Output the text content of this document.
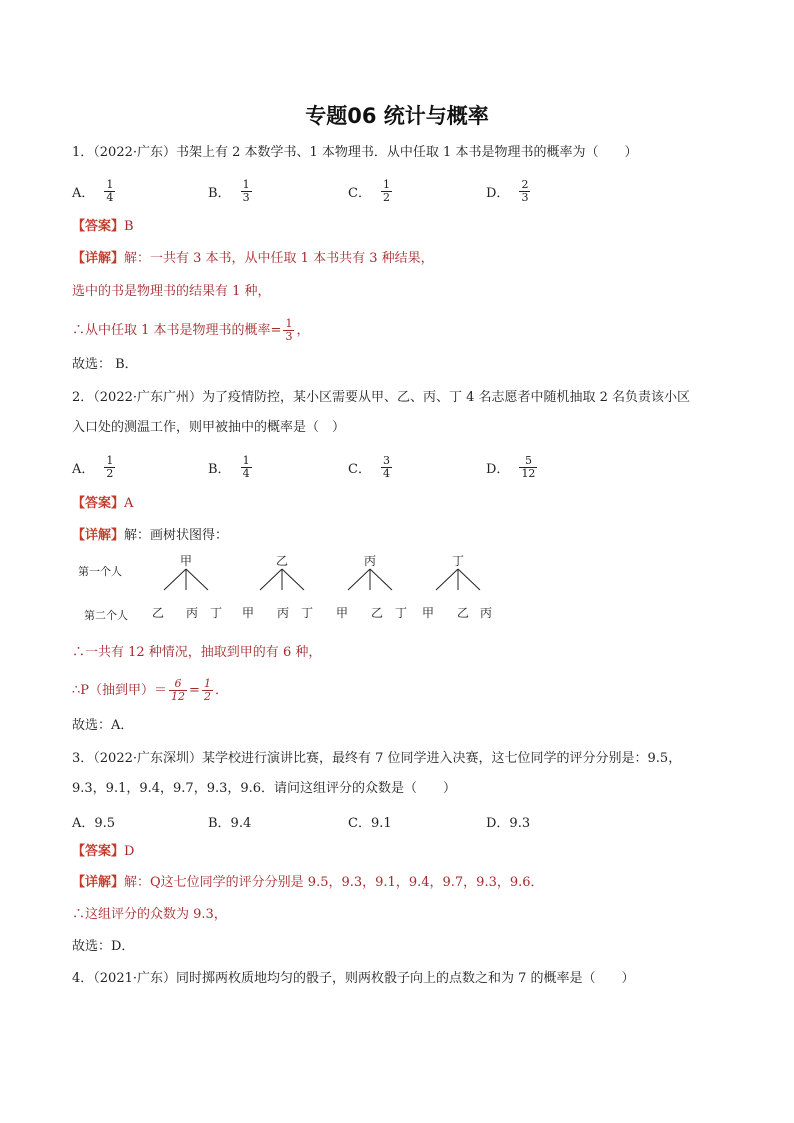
专题06 统计与概率
1．（2022·广东）书架上有 2 本数学书、1 本物理书．从中任取 1 本书是物理书的概率为（　　）
A． $\frac{1}{4}$	B． $\frac{1}{3}$	C． $\frac{1}{2}$	D． $\frac{2}{3}$
【答案】B
【详解】解：一共有 3 本书，从中任取 1 本书共有 3 种结果，
选中的书是物理书的结果有 1 种，
∴从中任取 1 本书是物理书的概率= $\frac{1}{3}$ ，
故选： B．
2．（2022·广东广州）为了疫情防控，某小区需要从甲、乙、丙、丁 4 名志愿者中随机抽取 2 名负责该小区
入口处的测温工作，则甲被抽中的概率是（　）
A． $\frac{1}{2}$	B． $\frac{1}{4}$	C． $\frac{3}{4}$	D． $\frac{5}{12}$
【答案】A
【详解】解：画树状图得：
第一个人
第二个人
甲	乙	丙	丁
乙 丙 丁 甲 丙 丁 甲 乙 丁 甲 乙 丙
∴一共有 12 种情况，抽取到甲的有 6 种，
∴P（抽到甲）＝ $\frac{6}{12} = \frac{1}{2}$ ．
故选：A．
3．（2022·广东深圳）某学校进行演讲比赛，最终有 7 位同学进入决赛，这七位同学的评分分别是：9.5，
9.3，9.1，9.4，9.7，9.3，9.6．请问这组评分的众数是（　　）
A．9.5	B．9.4	C．9.1	D．9.3
【答案】D
【详解】解：Q这七位同学的评分分别是 9.5，9.3，9.1，9.4，9.7，9.3，9.6．
∴这组评分的众数为 9.3，
故选：D．
4．（2021·广东）同时掷两枚质地均匀的骰子，则两枚骰子向上的点数之和为 7 的概率是（　　）
